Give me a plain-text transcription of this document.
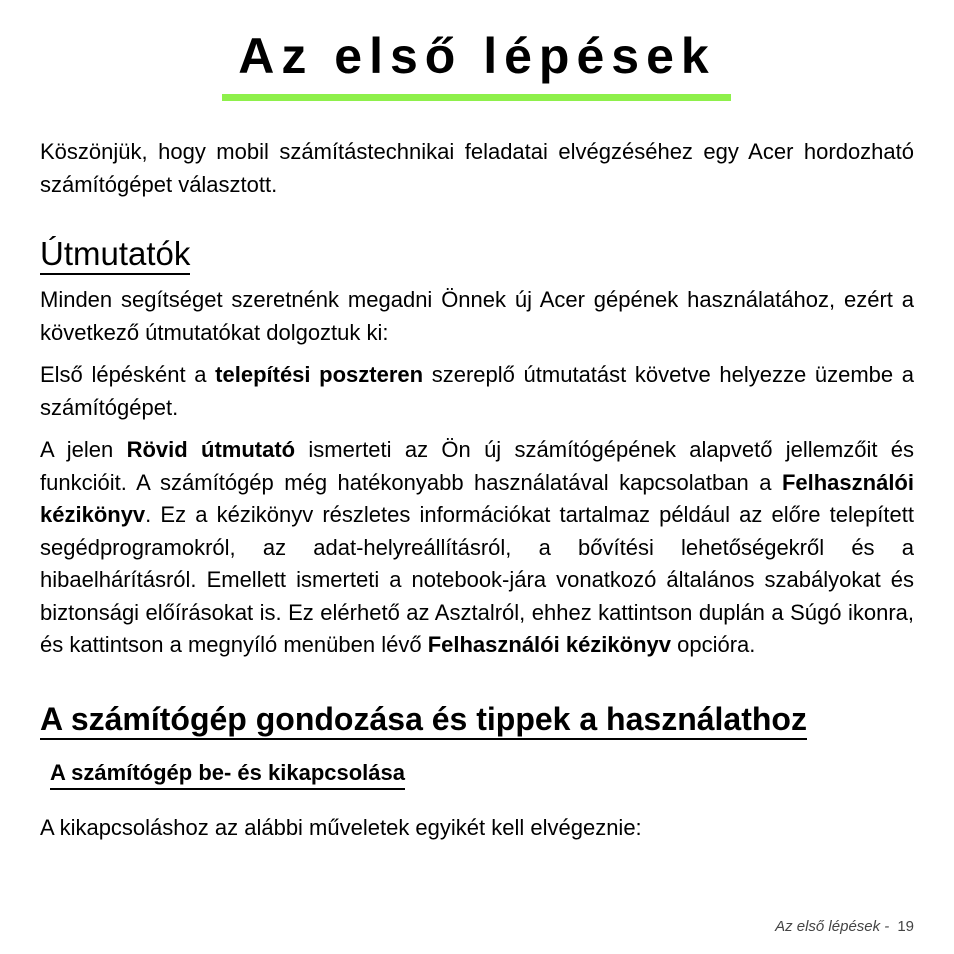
Az első lépések

Köszönjük, hogy mobil számítástechnikai feladatai elvégzéséhez egy Acer hordozható számítógépet választott.

Útmutatók

Minden segítséget szeretnénk megadni Önnek új Acer gépének használatához, ezért a következő útmutatókat dolgoztuk ki:

Első lépésként a telepítési poszteren szereplő útmutatást követve helyezze üzembe a számítógépet.

A jelen Rövid útmutató ismerteti az Ön új számítógépének alapvető jellemzőit és funkcióit. A számítógép még hatékonyabb használatával kapcsolatban a Felhasználói kézikönyv. Ez a kézikönyv részletes információkat tartalmaz például az előre telepített segédprogramokról, az adat-helyreállításról, a bővítési lehetőségekről és a hibaelhárításról. Emellett ismerteti a notebook-jára vonatkozó általános szabályokat és biztonsági előírásokat is. Ez elérhető az Asztalról, ehhez kattintson duplán a Súgó ikonra, és kattintson a megnyíló menüben lévő Felhasználói kézikönyv opcióra.

A számítógép gondozása és tippek a használathoz
A számítógép be- és kikapcsolása

A kikapcsoláshoz az alábbi műveletek egyikét kell elvégeznie:

Az első lépések - 19
